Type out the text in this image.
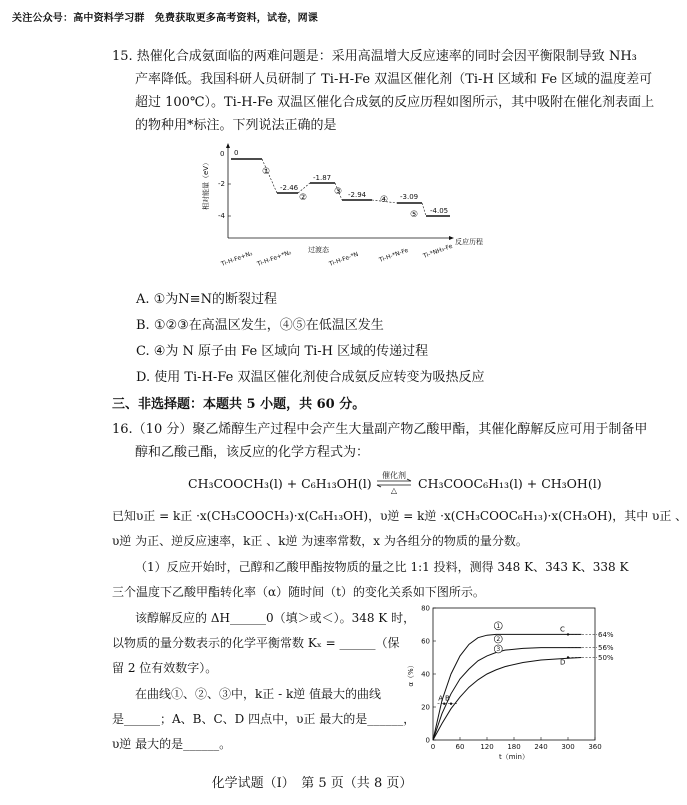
关注公众号：高中资料学习群　免费获取更多高考资料，试卷，网课
15. 热催化合成氨面临的两难问题是：采用高温增大反应速率的同时会因平衡限制导致 NH₃
产率降低。我国科研人员研制了 Ti-H-Fe 双温区催化剂（Ti-H 区域和 Fe 区域的温度差可
超过 100℃）。Ti-H-Fe 双温区催化合成氨的反应历程如图所示，其中吸附在催化剂表面上
的物种用*标注。下列说法正确的是
相对能量（eV）
反应历程
0
-2
-4
0
-2.46
-1.87
-2.94	-3.09
-4.05
①
②
③
④
⑤
Ti-H-Fe+N₂ Ti-H-Fe+*N₂ 过渡态
Ti-H-Fe-*N	Ti-H-*N-Fe Ti-*NH₃-Fe
A. ①为N≡N的断裂过程
B. ①②③在高温区发生，④⑤在低温区发生
C. ④为 N 原子由 Fe 区域向 Ti-H 区域的传递过程
D. 使用 Ti-H-Fe 双温区催化剂使合成氨反应转变为吸热反应
三、非选择题：本题共 5 小题，共 60 分。
16.（10 分）聚乙烯醇生产过程中会产生大量副产物乙酸甲酯，其催化醇解反应可用于制备甲
醇和乙酸己酯，该反应的化学方程式为：
CH₃COOCH₃(l) + C₆H₁₃OH(l)
催化剂
△	CH₃COOC₆H₁₃(l) + CH₃OH(l)
已知υ正 = k正 ·x(CH₃COOCH₃)·x(C₆H₁₃OH)，υ逆 = k逆 ·x(CH₃COOC₆H₁₃)·x(CH₃OH)，其中 υ正 、
υ逆 为正、逆反应速率，k正 、k逆 为速率常数，x 为各组分的物质的量分数。
（1）反应开始时，己醇和乙酸甲酯按物质的量之比 1:1 投料，测得 348 K、343 K、338 K
三个温度下乙酸甲酯转化率（α）随时间（t）的变化关系如下图所示。
该醇解反应的 ΔH______0（填＞或＜）。348 K 时，
以物质的量分数表示的化学平衡常数 Kₓ = ______（保
留 2 位有效数字）。
在曲线①、②、③中，k正 - k逆 值最大的曲线
是______；A、B、C、D 四点中，υ正 最大的是______，
υ逆 最大的是______。	0	60 120 180 240 300 360
0
20
40
60
80
t（min）
α（%）
1
64%
2
56%
3
50%
A B
C
D
化学试题（Ⅰ）　第 5 页（共 8 页）
